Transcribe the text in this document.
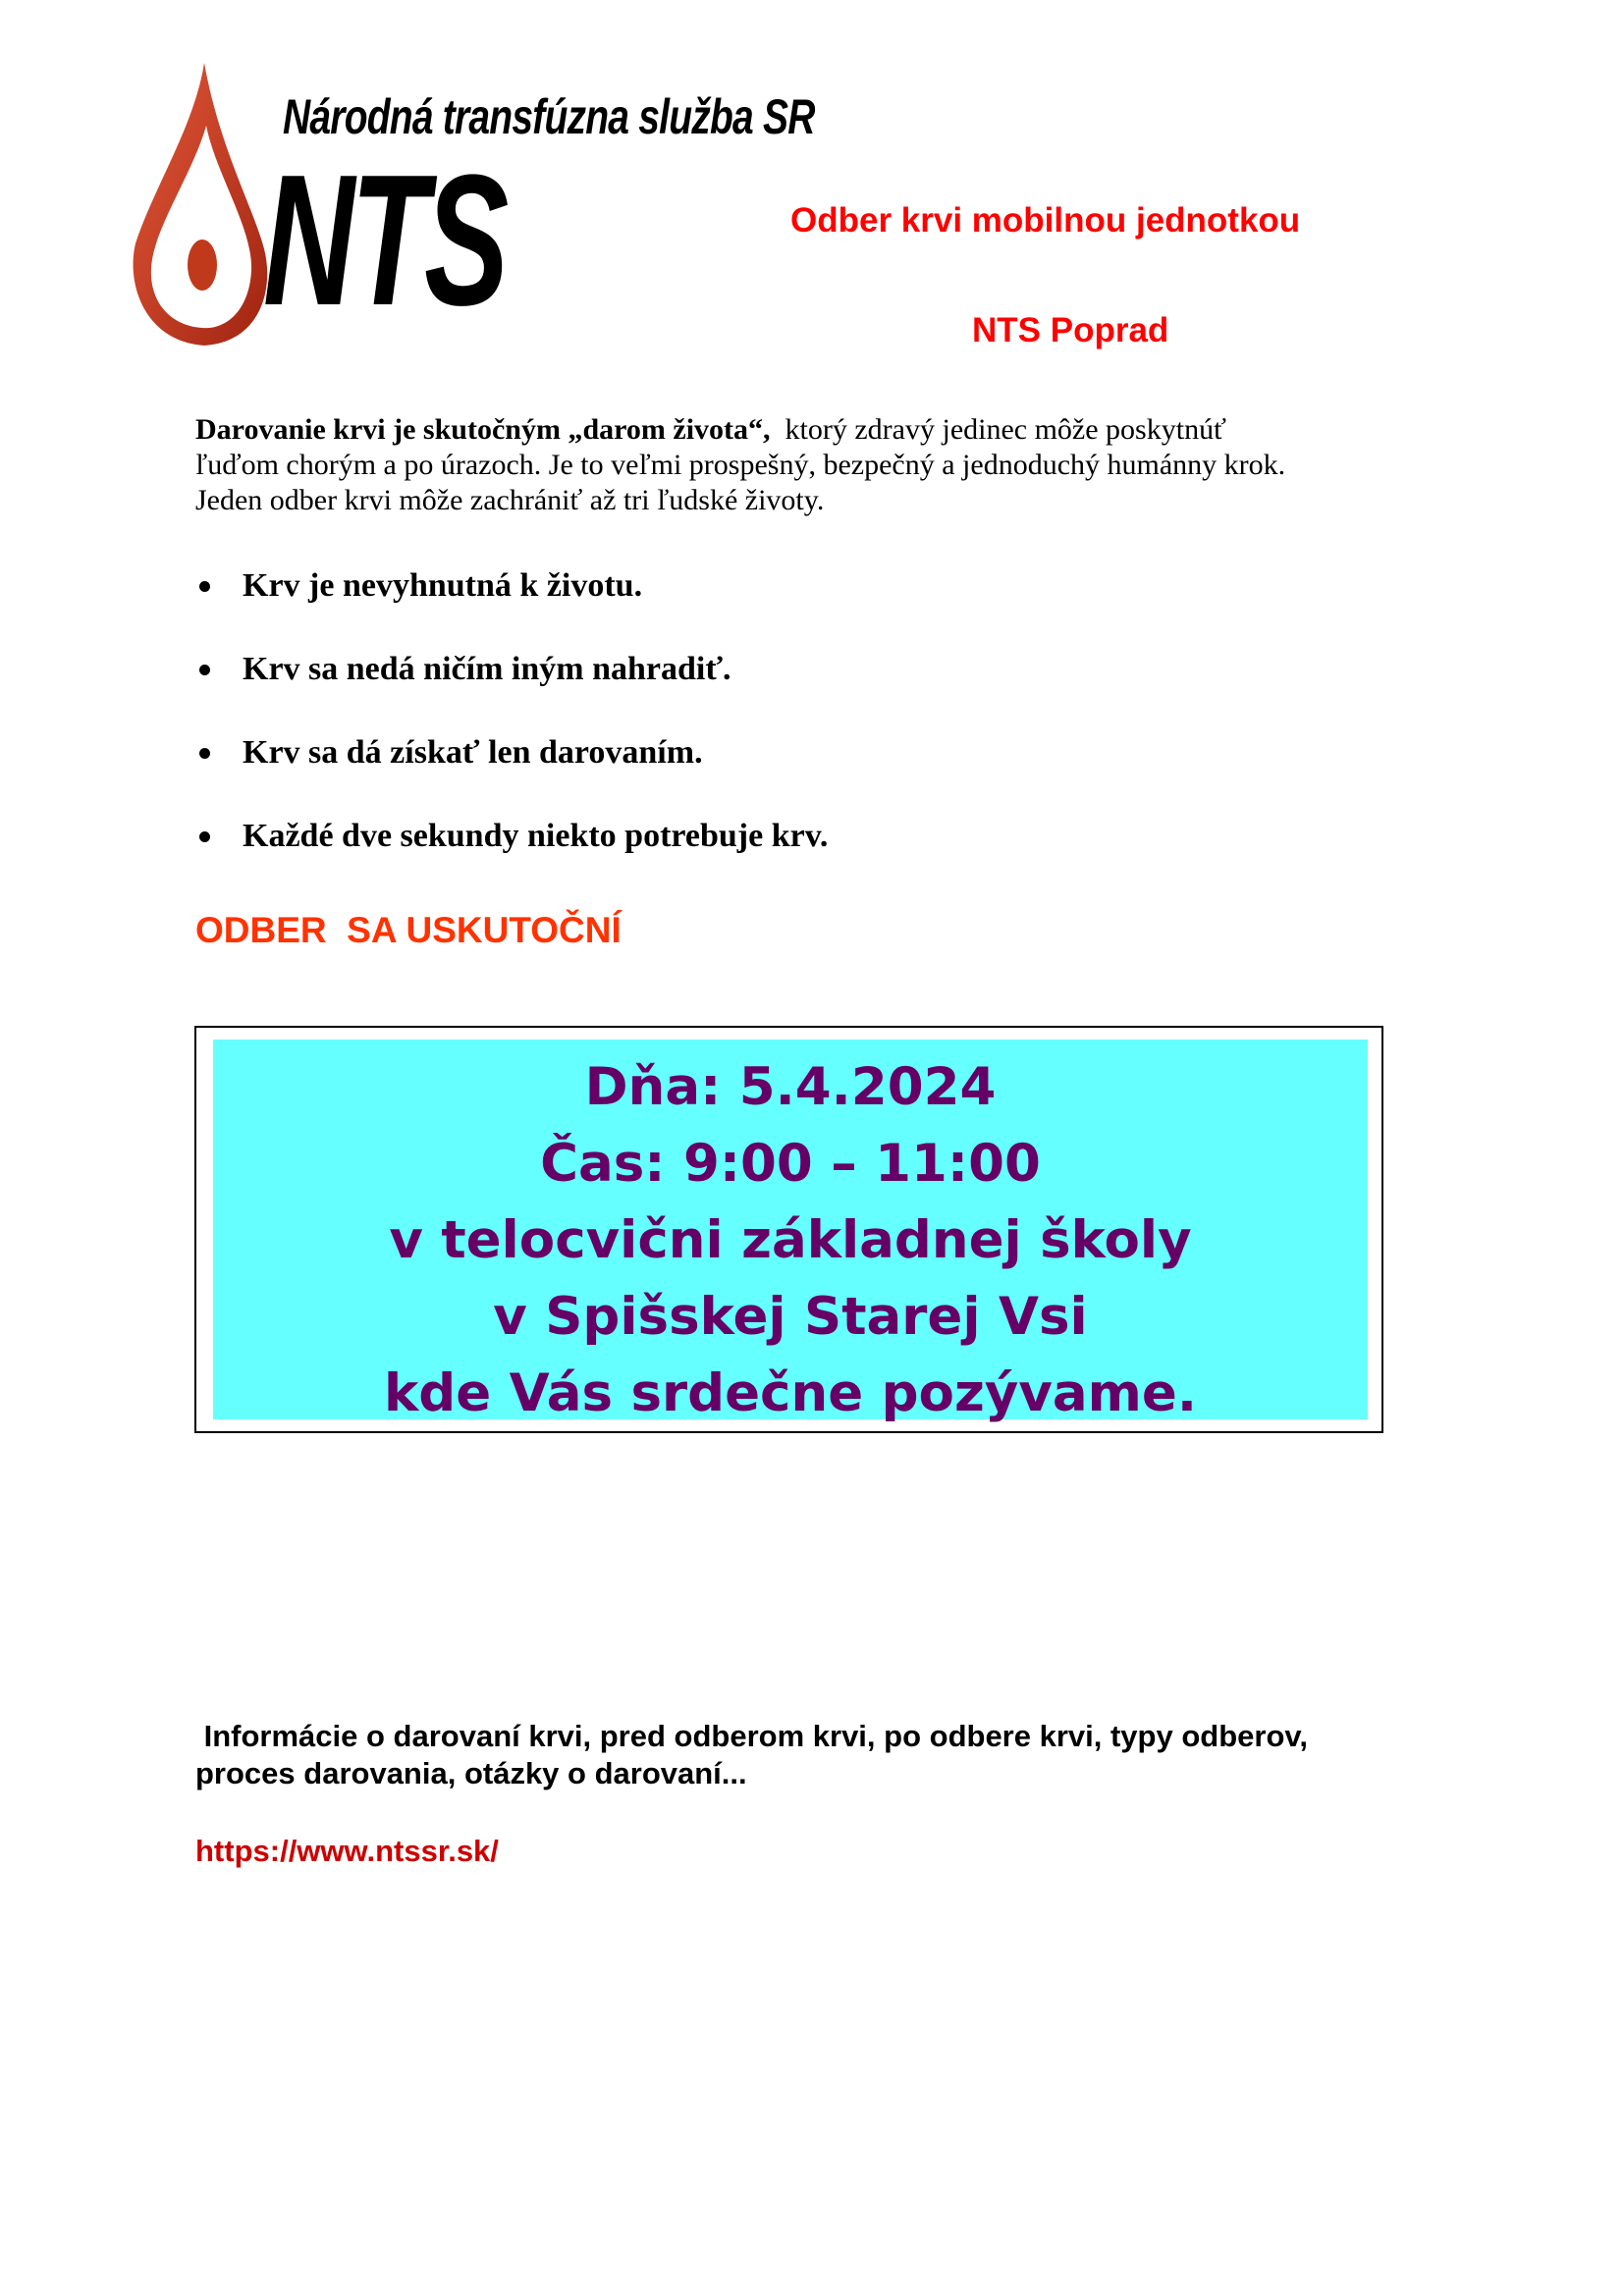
Národná transfúzna služba SR
NTS	Odber krvi mobilnou jednotkou
NTS Poprad
Darovanie krvi je skutočným „darom života“,  ktorý zdravý jedinec môže poskytnúť
ľuďom chorým a po úrazoch. Je to veľmi prospešný, bezpečný a jednoduchý humánny krok.
Jeden odber krvi môže zachrániť až tri ľudské životy.
Krv je nevyhnutná k životu.
Krv sa nedá ničím iným nahradiť.
Krv sa dá získať len darovaním.
Každé dve sekundy niekto potrebuje krv.
ODBER  SA USKUTOČNÍ
Dňa: 5.4.2024
Čas: 9:00 – 11:00
v telocvični základnej školy
v Spišskej Starej Vsi
kde Vás srdečne pozývame.
Informácie o darovaní krvi, pred odberom krvi, po odbere krvi, typy odberov,
proces darovania, otázky o darovaní...
https://www.ntssr.sk/
